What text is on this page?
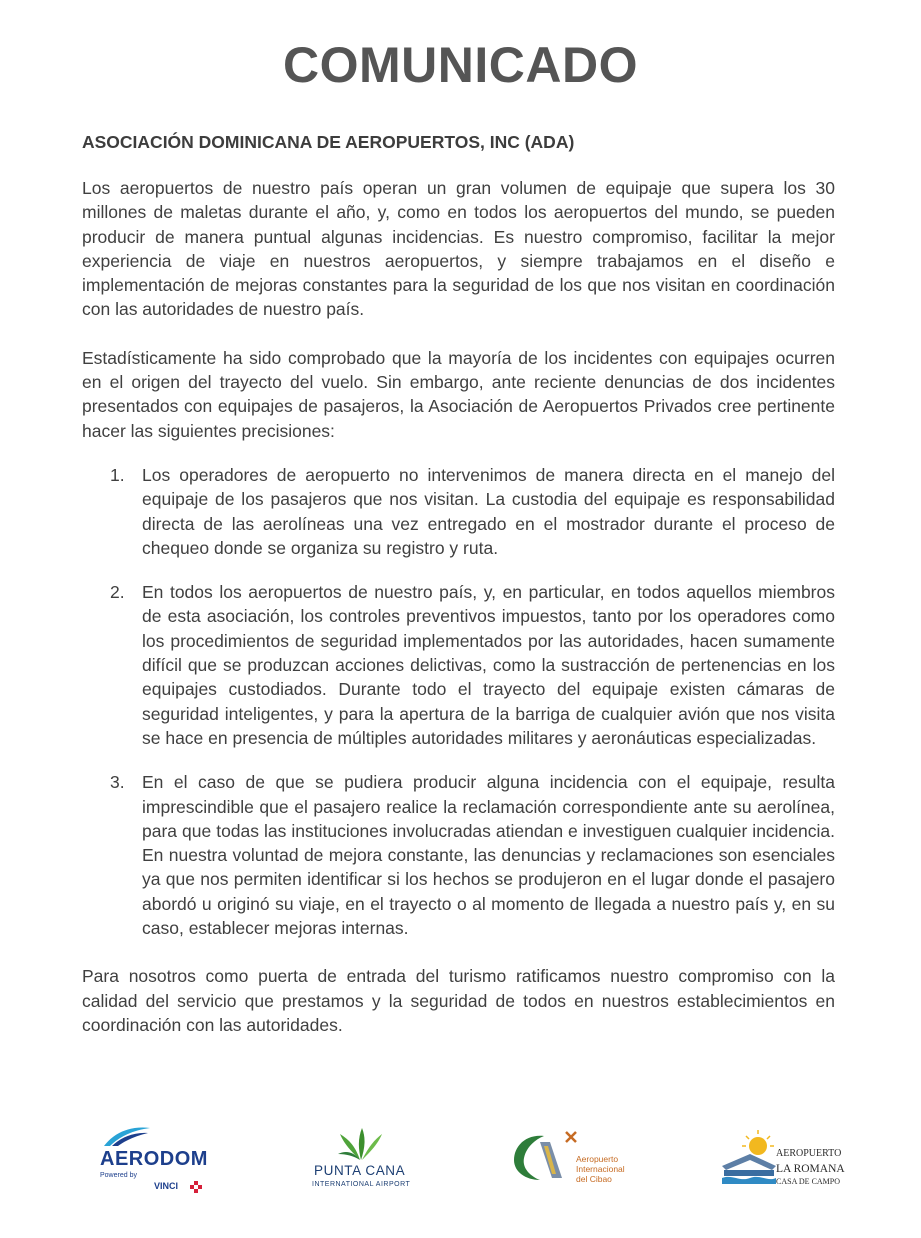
COMUNICADO
ASOCIACIÓN DOMINICANA DE AEROPUERTOS, INC (ADA)

Los aeropuertos de nuestro país operan un gran volumen de equipaje que supera los 30 millones de maletas durante el año, y, como en todos los aeropuertos del mundo, se pueden producir de manera puntual algunas incidencias. Es nuestro compromiso, facilitar la mejor experiencia de viaje en nuestros aeropuertos, y siempre trabajamos en el diseño e implementación de mejoras constantes para la seguridad de los que nos visitan en coordinación con las autoridades de nuestro país.

Estadísticamente ha sido comprobado que la mayoría de los incidentes con equipajes ocurren en el origen del trayecto del vuelo. Sin embargo, ante reciente denuncias de dos incidentes presentados con equipajes de pasajeros, la Asociación de Aeropuertos Privados cree pertinente hacer las siguientes precisiones:

1. Los operadores de aeropuerto no intervenimos de manera directa en el manejo del equipaje de los pasajeros que nos visitan. La custodia del equipaje es responsabilidad directa de las aerolíneas una vez entregado en el mostrador durante el proceso de chequeo donde se organiza su registro y ruta.
2. En todos los aeropuertos de nuestro país, y, en particular, en todos aquellos miembros de esta asociación, los controles preventivos impuestos, tanto por los operadores como los procedimientos de seguridad implementados por las autoridades, hacen sumamente difícil que se produzcan acciones delictivas, como la sustracción de pertenencias en los equipajes custodiados. Durante todo el trayecto del equipaje existen cámaras de seguridad inteligentes, y para la apertura de la barriga de cualquier avión que nos visita se hace en presencia de múltiples autoridades militares y aeronáuticas especializadas.
3. En el caso de que se pudiera producir alguna incidencia con el equipaje, resulta imprescindible que el pasajero realice la reclamación correspondiente ante su aerolínea, para que todas las instituciones involucradas atiendan e investiguen cualquier incidencia. En nuestra voluntad de mejora constante, las denuncias y reclamaciones son esenciales ya que nos permiten identificar si los hechos se produjeron en el lugar donde el pasajero abordó u originó su viaje, en el trayecto o al momento de llegada a nuestro país y, en su caso, establecer mejoras internas.

Para nosotros como puerta de entrada del turismo ratificamos nuestro compromiso con la calidad del servicio que prestamos y la seguridad de todos en nuestros establecimientos en coordinación con las autoridades.

AERODOM
Powered by
VINCI
PUNTA CANA
INTERNATIONAL AIRPORT
Aeropuerto
Internacional
del Cibao
AEROPUERTO
LA ROMANA
CASA DE CAMPO
